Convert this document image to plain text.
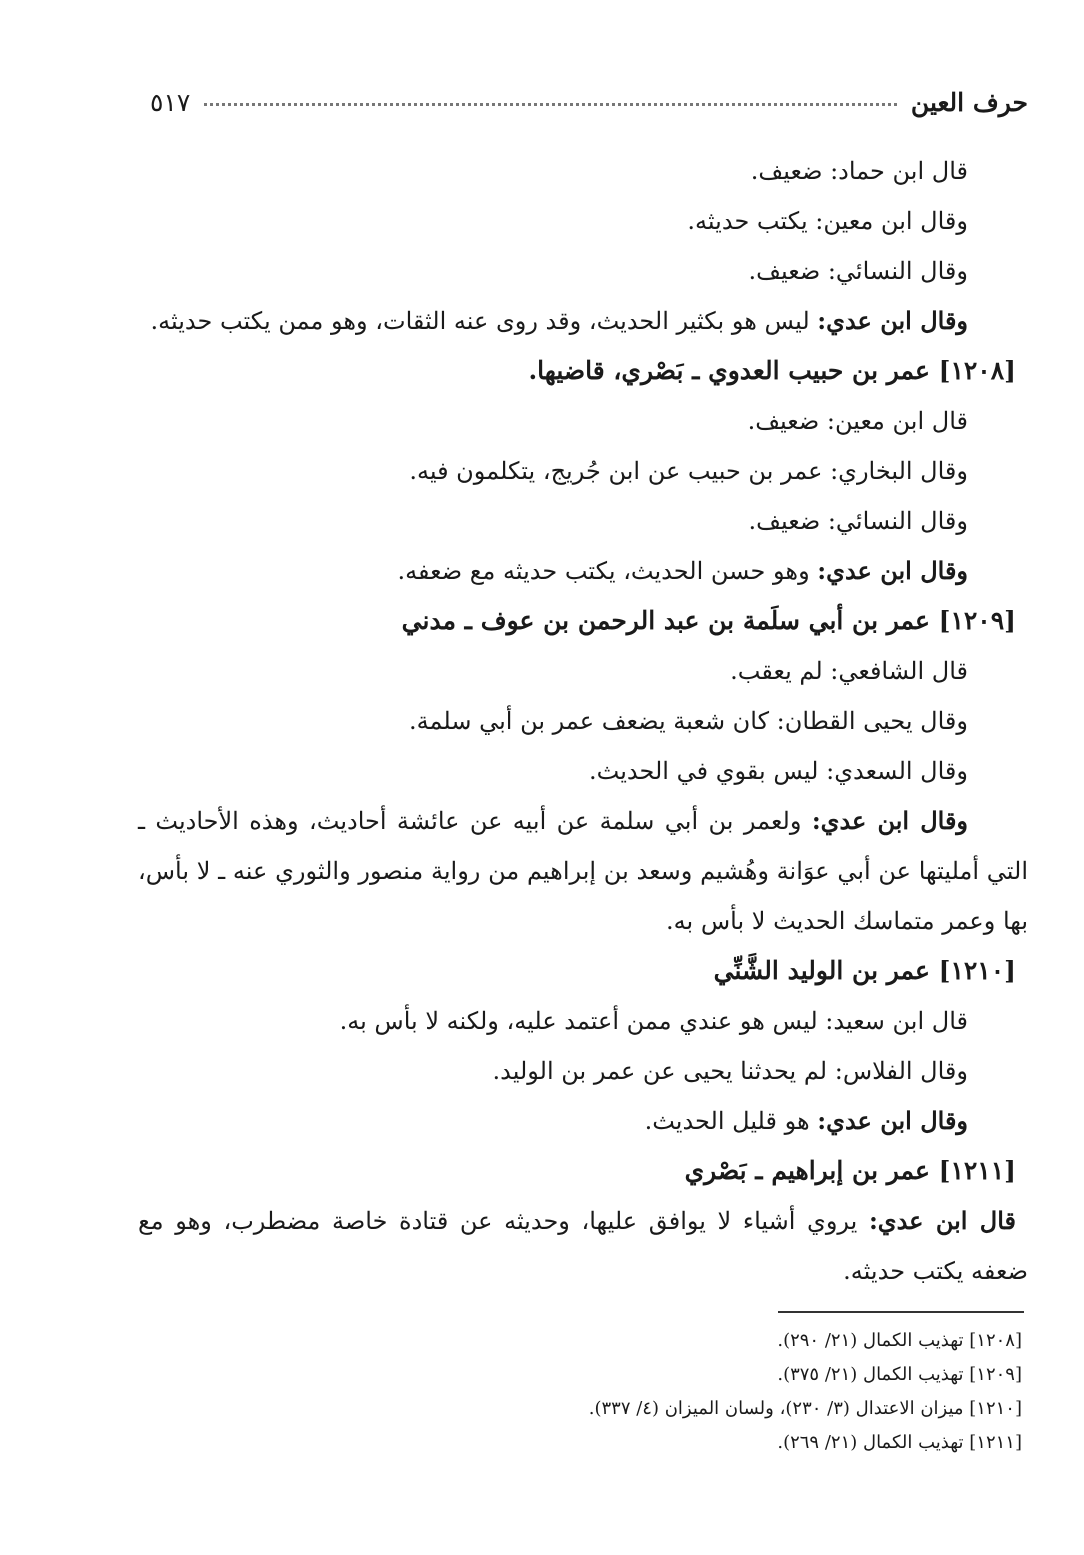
حرف العين
٥١٧
قال ابن حماد: ضعيف.
وقال ابن معين: يكتب حديثه.
وقال النسائي: ضعيف.
وقال ابن عدي: ليس هو بكثير الحديث، وقد روى عنه الثقات، وهو ممن يكتب حديثه.
[١٢٠٨] عمر بن حبيب العدوي ـ بَصْري، قاضيها.
قال ابن معين: ضعيف.
وقال البخاري: عمر بن حبيب عن ابن جُريج، يتكلمون فيه.
وقال النسائي: ضعيف.
وقال ابن عدي: وهو حسن الحديث، يكتب حديثه مع ضعفه.
[١٢٠٩] عمر بن أبي سلَمة بن عبد الرحمن بن عوف ـ مدني
قال الشافعي: لم يعقب.
وقال يحيى القطان: كان شعبة يضعف عمر بن أبي سلمة.
وقال السعدي: ليس بقوي في الحديث.
وقال ابن عدي: ولعمر بن أبي سلمة عن أبيه عن عائشة أحاديث، وهذه الأحاديث ـ التي أمليتها عن أبي عوَانة وهُشيم وسعد بن إبراهيم من رواية منصور والثوري عنه ـ لا بأس، بها وعمر متماسك الحديث لا بأس به.
[١٢١٠] عمر بن الوليد الشَّنِّي
قال ابن سعيد: ليس هو عندي ممن أعتمد عليه، ولكنه لا بأس به.
وقال الفلاس: لم يحدثنا يحيى عن عمر بن الوليد.
وقال ابن عدي: هو قليل الحديث.
[١٢١١] عمر بن إبراهيم ـ بَصْري
قال ابن عدي: يروي أشياء لا يوافق عليها، وحديثه عن قتادة خاصة مضطرب، وهو مع ضعفه يكتب حديثه.
[١٢٠٨] تهذيب الكمال (٢١/ ٢٩٠).
[١٢٠٩] تهذيب الكمال (٢١/ ٣٧٥).
[١٢١٠] ميزان الاعتدال (٣/ ٢٣٠)، ولسان الميزان (٤/ ٣٣٧).
[١٢١١] تهذيب الكمال (٢١/ ٢٦٩).
